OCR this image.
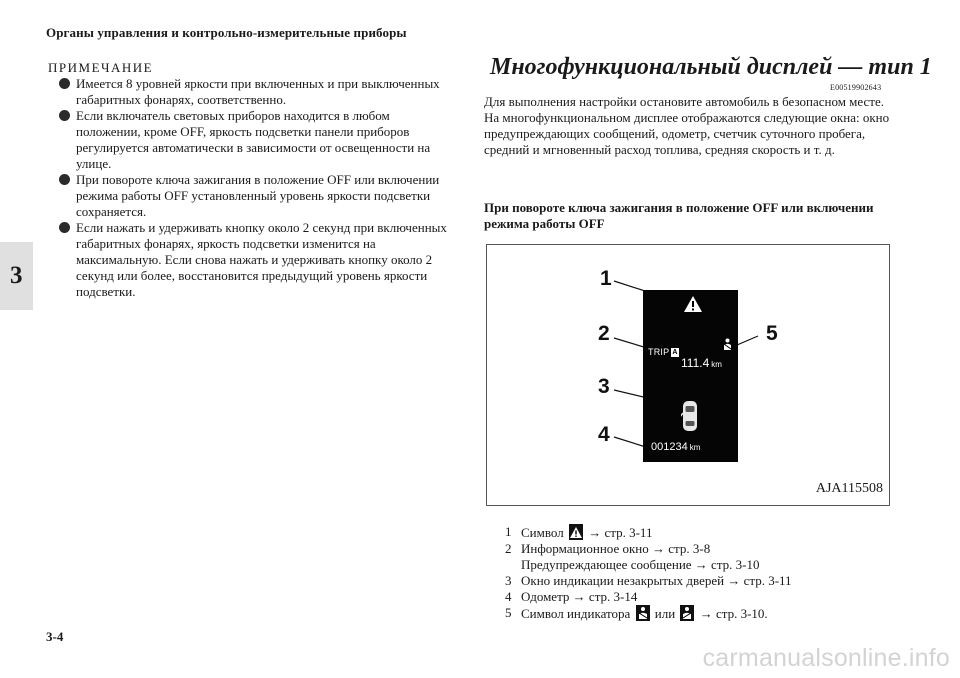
Органы управления и контрольно-измерительные приборы
3
ПРИМЕЧАНИЕ
Имеется 8 уровней яркости при включенных и при выключенных габаритных фонарях, соответственно.
Если включатель световых приборов находится в любом положении, кроме OFF, яркость подсветки панели приборов регулируется автоматически в зависимости от освещенности на улице.
При повороте ключа зажигания в положение OFF или включении режима работы OFF установленный уровень яркости подсветки сохраняется.
Если нажать и удерживать кнопку около 2 секунд при включенных габаритных фонарях, яркость подсветки изменится на максимальную. Если снова нажать и удерживать кнопку около 2 секунд или более, восстановится предыдущий уровень яркости подсветки.
Многофункциональный дисплей — тип 1
E00519902643

Для выполнения настройки остановите автомобиль в безопасном месте.

На многофункциональном дисплее отображаются следующие окна: окно предупреждающих сообщений, одометр, счетчик суточного пробега, средний и мгновенный расход топлива, средняя скорость и т. д.

При повороте ключа зажигания в положение OFF или включении режима работы OFF
1
2
3
4
5
TRIP A
111.4 km
001234 km
AJA115508
1 Символ → стр. 3-11
2 Информационное окно → стр. 3-8
Предупреждающее сообщение → стр. 3-10
3 Окно индикации незакрытых дверей → стр. 3-11
4 Одометр → стр. 3-14
5 Символ индикатора или → стр. 3-10.
3-4
carmanualsonline.info
